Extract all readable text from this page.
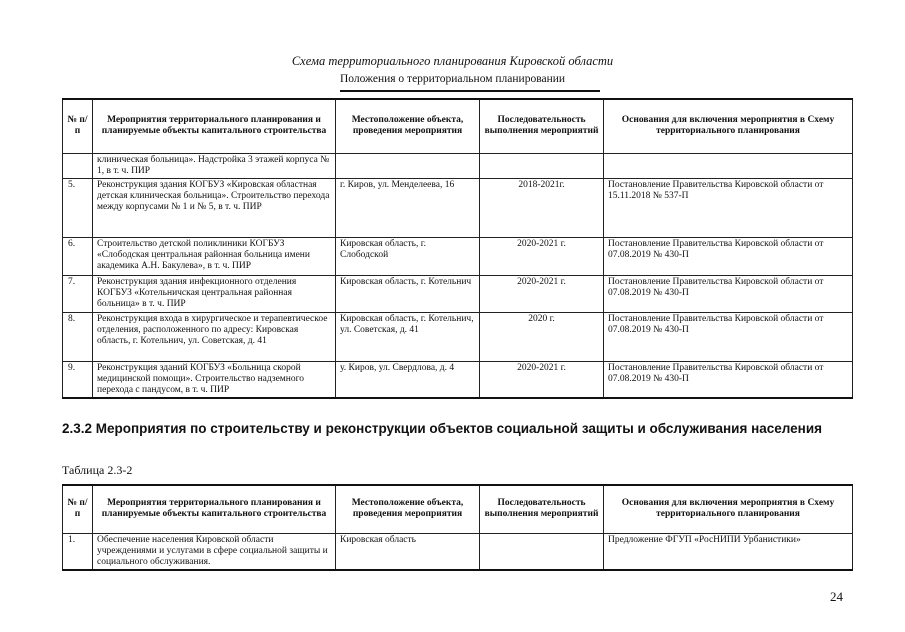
Схема территориального планирования Кировской области
Положения о территориальном планировании
№ п/п	Мероприятия территориального планирования и планируемые объекты капитального строительства	Местоположение объекта, проведения мероприятия	Последовательность выполнения мероприятий	Основания для включения мероприятия в Схему территориального планирования
	клиническая больница». Надстройка 3 этажей корпуса № 1, в т. ч. ПИР			
5.	Реконструкция здания КОГБУЗ «Кировская областная детская клиническая больница». Строительство перехода между корпусами № 1 и № 5, в т. ч. ПИР	г. Киров, ул. Менделеева, 16	2018-2021г.	Постановление Правительства Кировской области от 15.11.2018 № 537-П
6.	Строительство детской поликлиники КОГБУЗ «Слободская центральная районная больница имени академика А.Н. Бакулева», в т. ч. ПИР	Кировская область, г. Слободской	2020-2021 г.	Постановление Правительства Кировской области от 07.08.2019 № 430-П
7.	Реконструкция здания инфекционного отделения КОГБУЗ «Котельничская центральная районная больница» в т. ч. ПИР	Кировская область, г. Котельнич	2020-2021 г.	Постановление Правительства Кировской области от 07.08.2019 № 430-П
8.	Реконструкция входа в хирургическое и терапевтическое отделения, расположенного по адресу: Кировская область, г. Котельнич, ул. Советская, д. 41	Кировская область, г. Котельнич, ул. Советская, д. 41	2020 г.	Постановление Правительства Кировской области от 07.08.2019 № 430-П
9.	Реконструкция зданий КОГБУЗ «Больница скорой медицинской помощи». Строительство надземного перехода с пандусом, в т. ч. ПИР	у. Киров, ул. Свердлова, д. 4	2020-2021 г.	Постановление Правительства Кировской области от 07.08.2019 № 430-П
2.3.2 Мероприятия по строительству и реконструкции объектов социальной защиты и обслуживания населения
Таблица 2.3-2
№ п/п	Мероприятия территориального планирования и планируемые объекты капитального строительства	Местоположение объекта, проведения мероприятия	Последовательность выполнения мероприятий	Основания для включения мероприятия в Схему территориального планирования
1.	Обеспечение населения Кировской области учреждениями и услугами в сфере социальной защиты и социального обслуживания.	Кировская область		Предложение ФГУП «РосНИПИ Урбанистики»
24
